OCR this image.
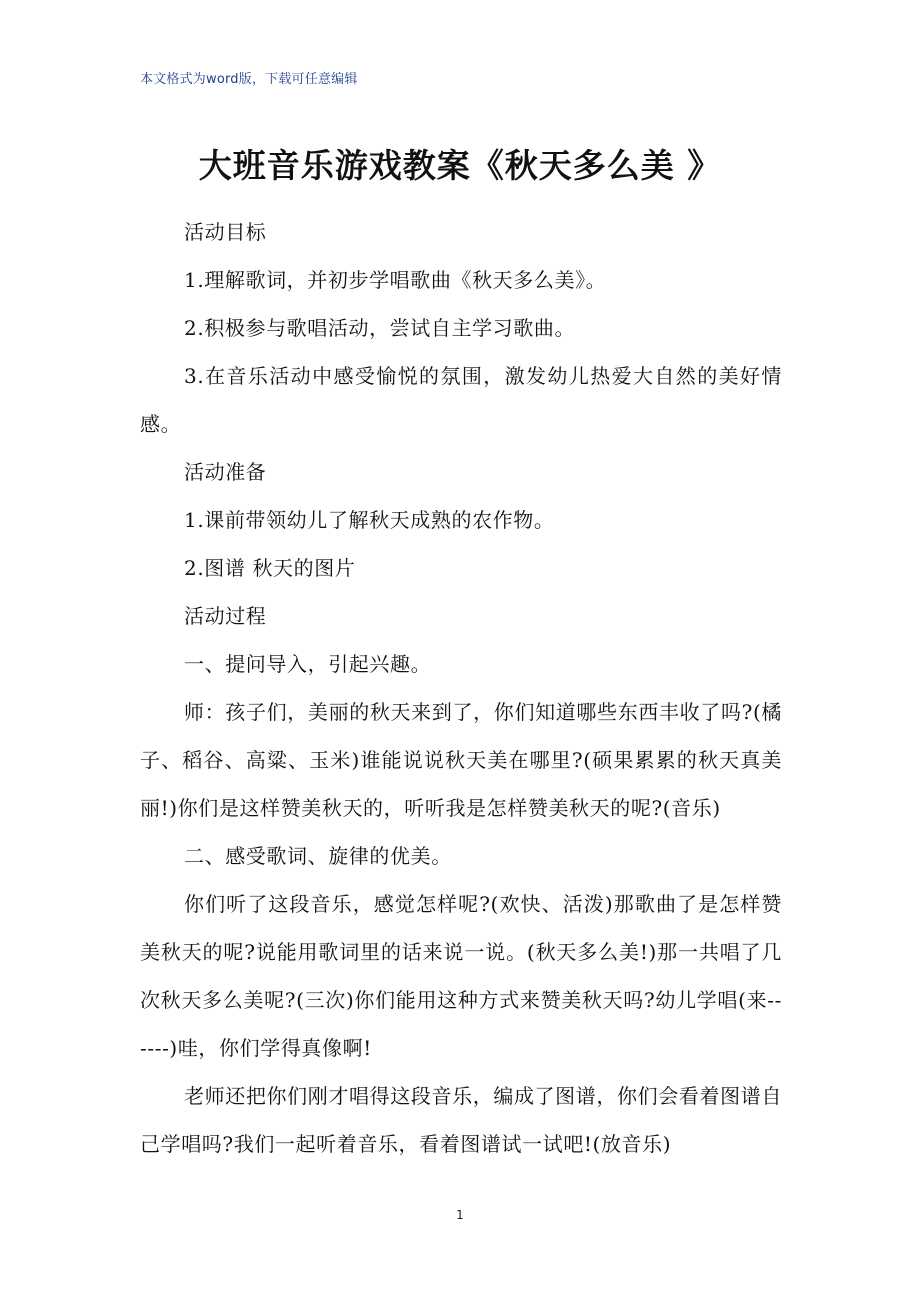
本文格式为word版，下载可任意编辑
大班音乐游戏教案《秋天多么美 》

活动目标

1.理解歌词，并初步学唱歌曲《秋天多么美》。

2.积极参与歌唱活动，尝试自主学习歌曲。

3.在音乐活动中感受愉悦的氛围，激发幼儿热爱大自然的美好情感。

活动准备

1.课前带领幼儿了解秋天成熟的农作物。

2.图谱 秋天的图片

活动过程

一、提问导入，引起兴趣。

师：孩子们，美丽的秋天来到了，你们知道哪些东西丰收了吗?(橘子、稻谷、高粱、玉米)谁能说说秋天美在哪里?(硕果累累的秋天真美丽!)你们是这样赞美秋天的，听听我是怎样赞美秋天的呢?(音乐)

二、感受歌词、旋律的优美。

你们听了这段音乐，感觉怎样呢?(欢快、活泼)那歌曲了是怎样赞美秋天的呢?说能用歌词里的话来说一说。(秋天多么美!)那一共唱了几次秋天多么美呢?(三次)你们能用这种方式来赞美秋天吗?幼儿学唱(来------)哇，你们学得真像啊!

老师还把你们刚才唱得这段音乐，编成了图谱，你们会看着图谱自己学唱吗?我们一起听着音乐，看着图谱试一试吧!(放音乐)

1
